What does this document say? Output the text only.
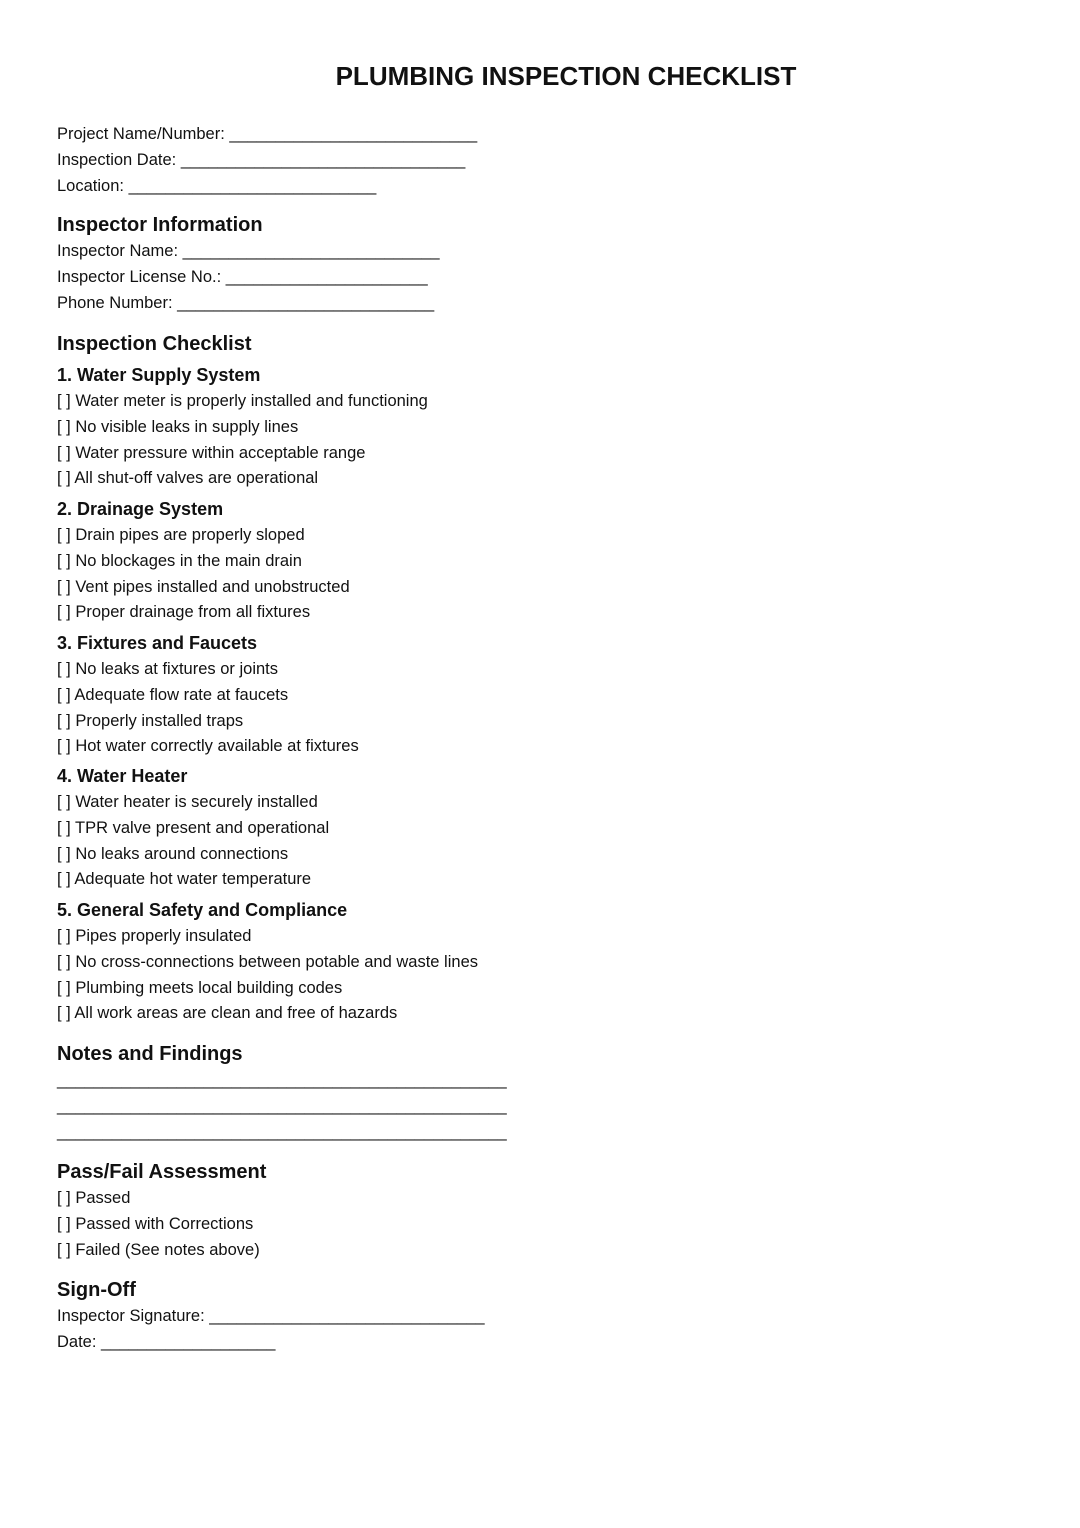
PLUMBING INSPECTION CHECKLIST
Project Name/Number: ___________________________
Inspection Date: _______________________________
Location: ___________________________
Inspector Information
Inspector Name: ____________________________
Inspector License No.: ______________________
Phone Number: ____________________________
Inspection Checklist
1. Water Supply System
[ ] Water meter is properly installed and functioning
[ ] No visible leaks in supply lines
[ ] Water pressure within acceptable range
[ ] All shut-off valves are operational
2. Drainage System
[ ] Drain pipes are properly sloped
[ ] No blockages in the main drain
[ ] Vent pipes installed and unobstructed
[ ] Proper drainage from all fixtures
3. Fixtures and Faucets
[ ] No leaks at fixtures or joints
[ ] Adequate flow rate at faucets
[ ] Properly installed traps
[ ] Hot water correctly available at fixtures
4. Water Heater
[ ] Water heater is securely installed
[ ] TPR valve present and operational
[ ] No leaks around connections
[ ] Adequate hot water temperature
5. General Safety and Compliance
[ ] Pipes properly insulated
[ ] No cross-connections between potable and waste lines
[ ] Plumbing meets local building codes
[ ] All work areas are clean and free of hazards
Notes and Findings
_________________________________________________
_________________________________________________
_________________________________________________
Pass/Fail Assessment
[ ] Passed
[ ] Passed with Corrections
[ ] Failed (See notes above)
Sign-Off
Inspector Signature: ______________________________
Date: ___________________
